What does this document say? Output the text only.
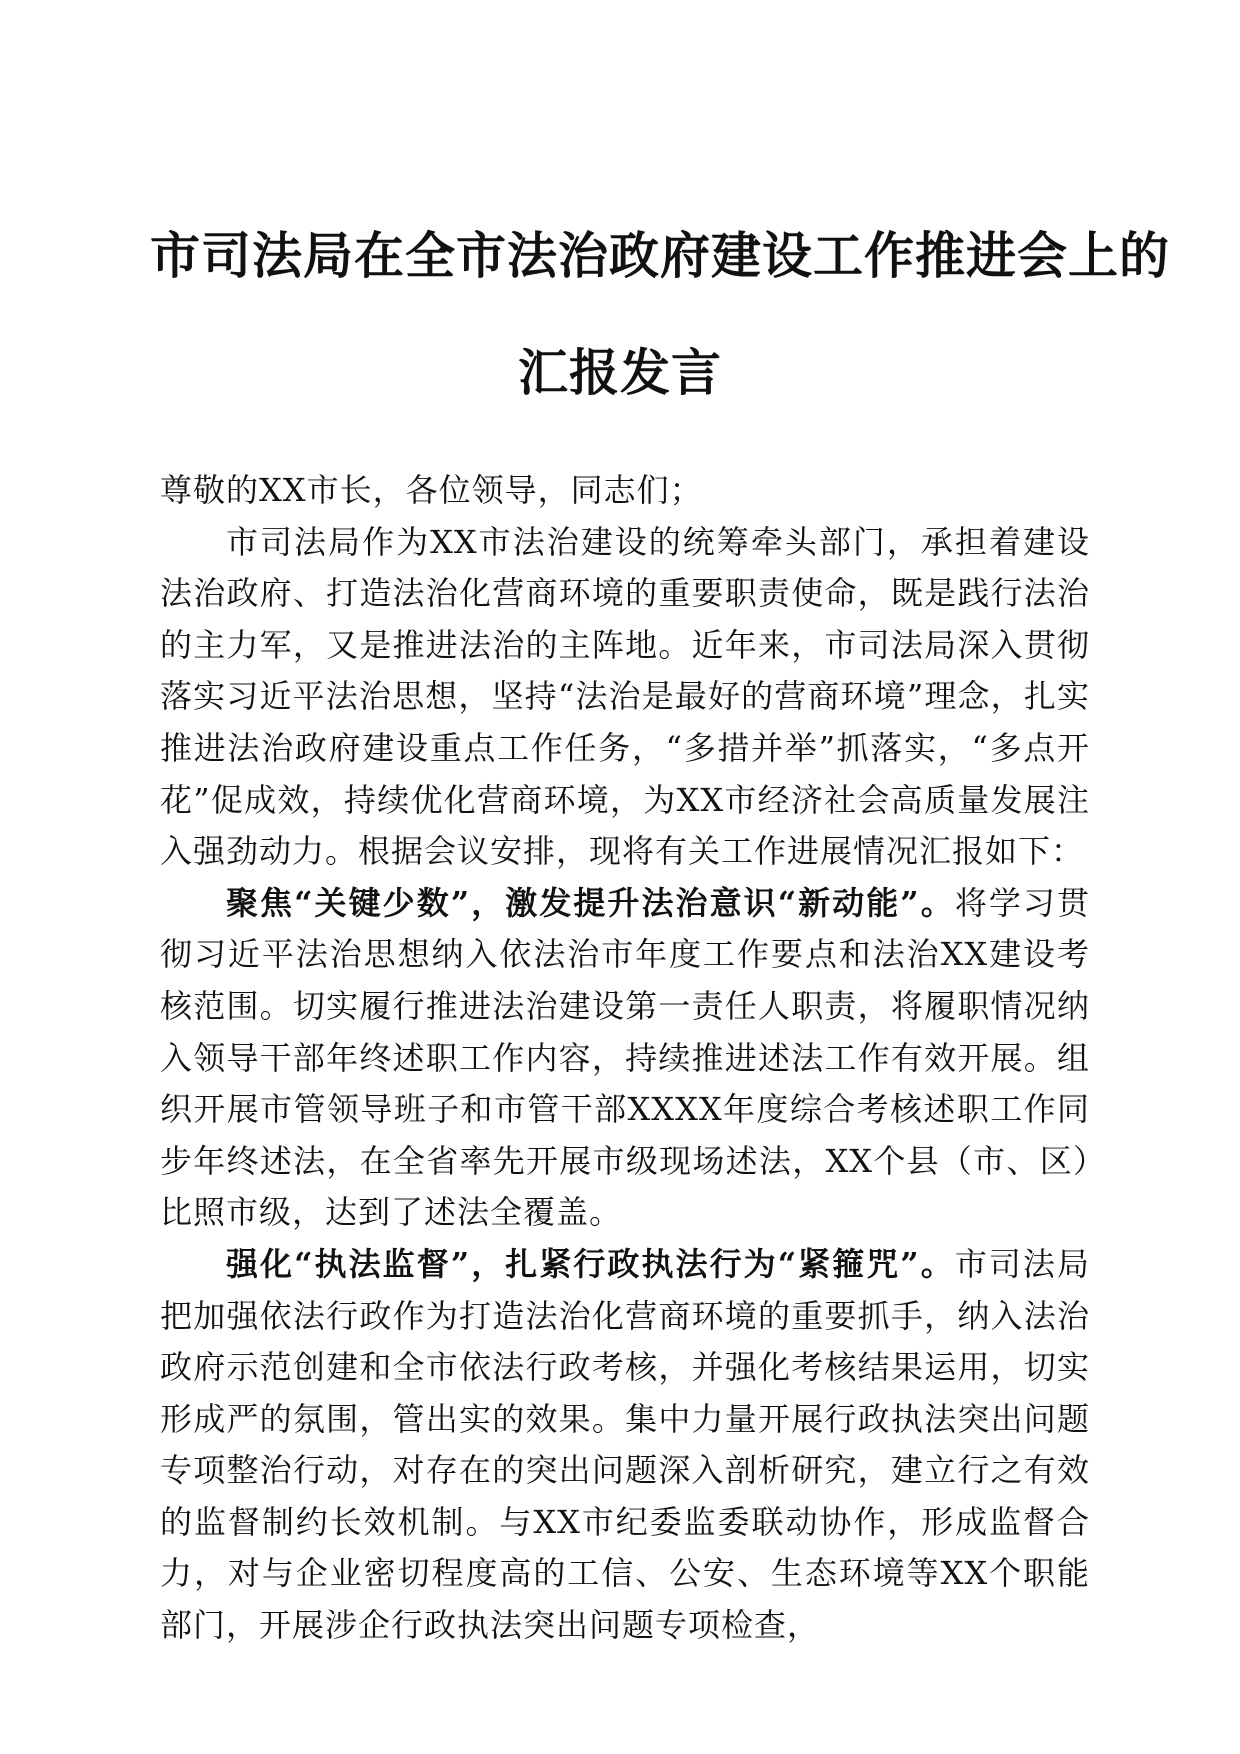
市司法局在全市法治政府建设工作推进会上的
汇报发言

尊敬的XX市长，各位领导，同志们；

市司法局作为XX市法治建设的统筹牵头部门，承担着建设法治政府、打造法治化营商环境的重要职责使命，既是践行法治的主力军，又是推进法治的主阵地。近年来，市司法局深入贯彻落实习近平法治思想，坚持“法治是最好的营商环境”理念，扎实推进法治政府建设重点工作任务，“多措并举”抓落实，“多点开花”促成效，持续优化营商环境，为XX市经济社会高质量发展注入强劲动力。根据会议安排，现将有关工作进展情况汇报如下：

聚焦“关键少数”，激发提升法治意识“新动能”。将学习贯彻习近平法治思想纳入依法治市年度工作要点和法治XX建设考核范围。切实履行推进法治建设第一责任人职责，将履职情况纳入领导干部年终述职工作内容，持续推进述法工作有效开展。组织开展市管领导班子和市管干部XXXX年度综合考核述职工作同步年终述法，在全省率先开展市级现场述法，XX个县（市、区）比照市级，达到了述法全覆盖。

强化“执法监督”，扎紧行政执法行为“紧箍咒”。市司法局把加强依法行政作为打造法治化营商环境的重要抓手，纳入法治政府示范创建和全市依法行政考核，并强化考核结果运用，切实形成严的氛围，管出实的效果。集中力量开展行政执法突出问题专项整治行动，对存在的突出问题深入剖析研究，建立行之有效的监督制约长效机制。与XX市纪委监委联动协作，形成监督合力，对与企业密切程度高的工信、公安、生态环境等XX个职能部门，开展涉企行政执法突出问题专项检查，
